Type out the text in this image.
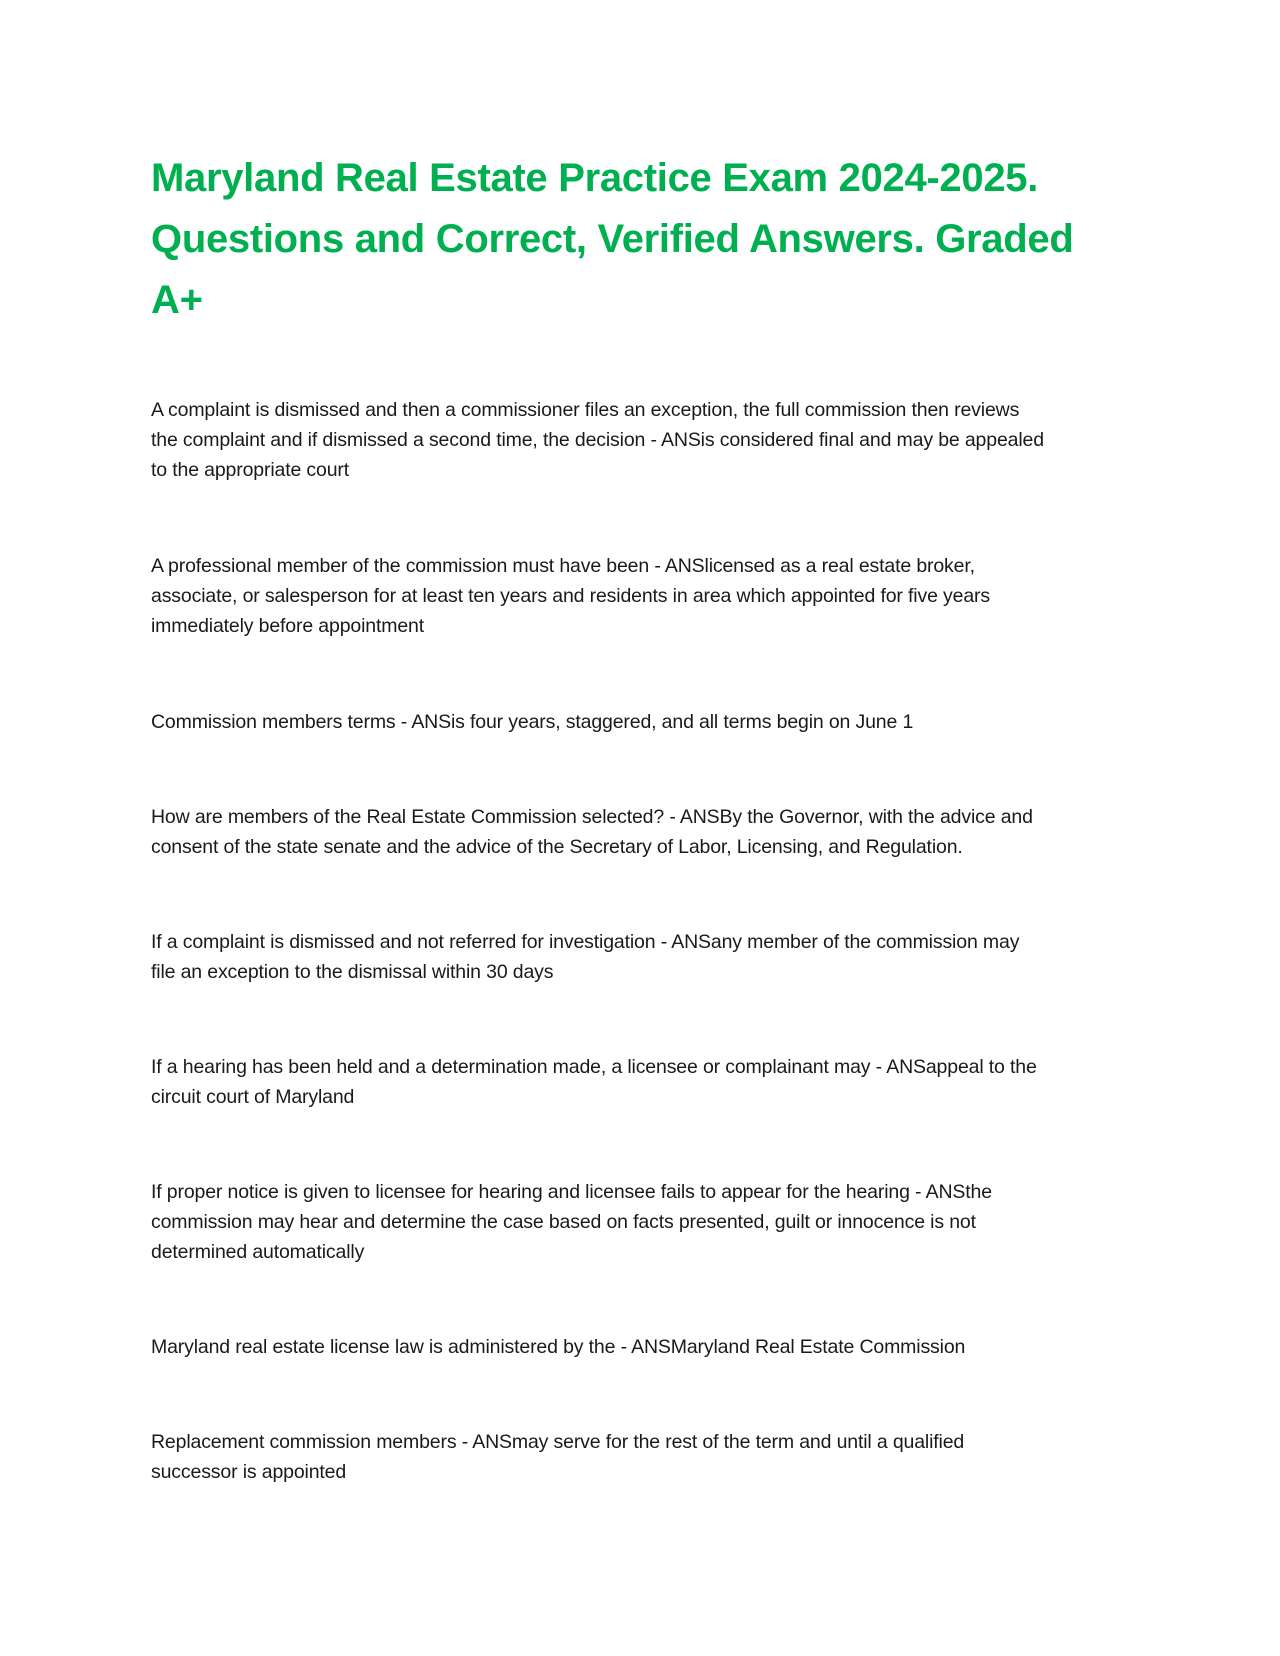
Maryland Real Estate Practice Exam 2024-2025.
Questions and Correct, Verified Answers. Graded
A+

A complaint is dismissed and then a commissioner files an exception, the full commission then reviews
the complaint and if dismissed a second time, the decision - ANSis considered final and may be appealed
to the appropriate court

A professional member of the commission must have been - ANSlicensed as a real estate broker,
associate, or salesperson for at least ten years and residents in area which appointed for five years
immediately before appointment

Commission members terms - ANSis four years, staggered, and all terms begin on June 1

How are members of the Real Estate Commission selected? - ANSBy the Governor, with the advice and
consent of the state senate and the advice of the Secretary of Labor, Licensing, and Regulation.

If a complaint is dismissed and not referred for investigation - ANSany member of the commission may
file an exception to the dismissal within 30 days

If a hearing has been held and a determination made, a licensee or complainant may - ANSappeal to the
circuit court of Maryland

If proper notice is given to licensee for hearing and licensee fails to appear for the hearing - ANSthe
commission may hear and determine the case based on facts presented, guilt or innocence is not
determined automatically

Maryland real estate license law is administered by the - ANSMaryland Real Estate Commission

Replacement commission members - ANSmay serve for the rest of the term and until a qualified
successor is appointed
